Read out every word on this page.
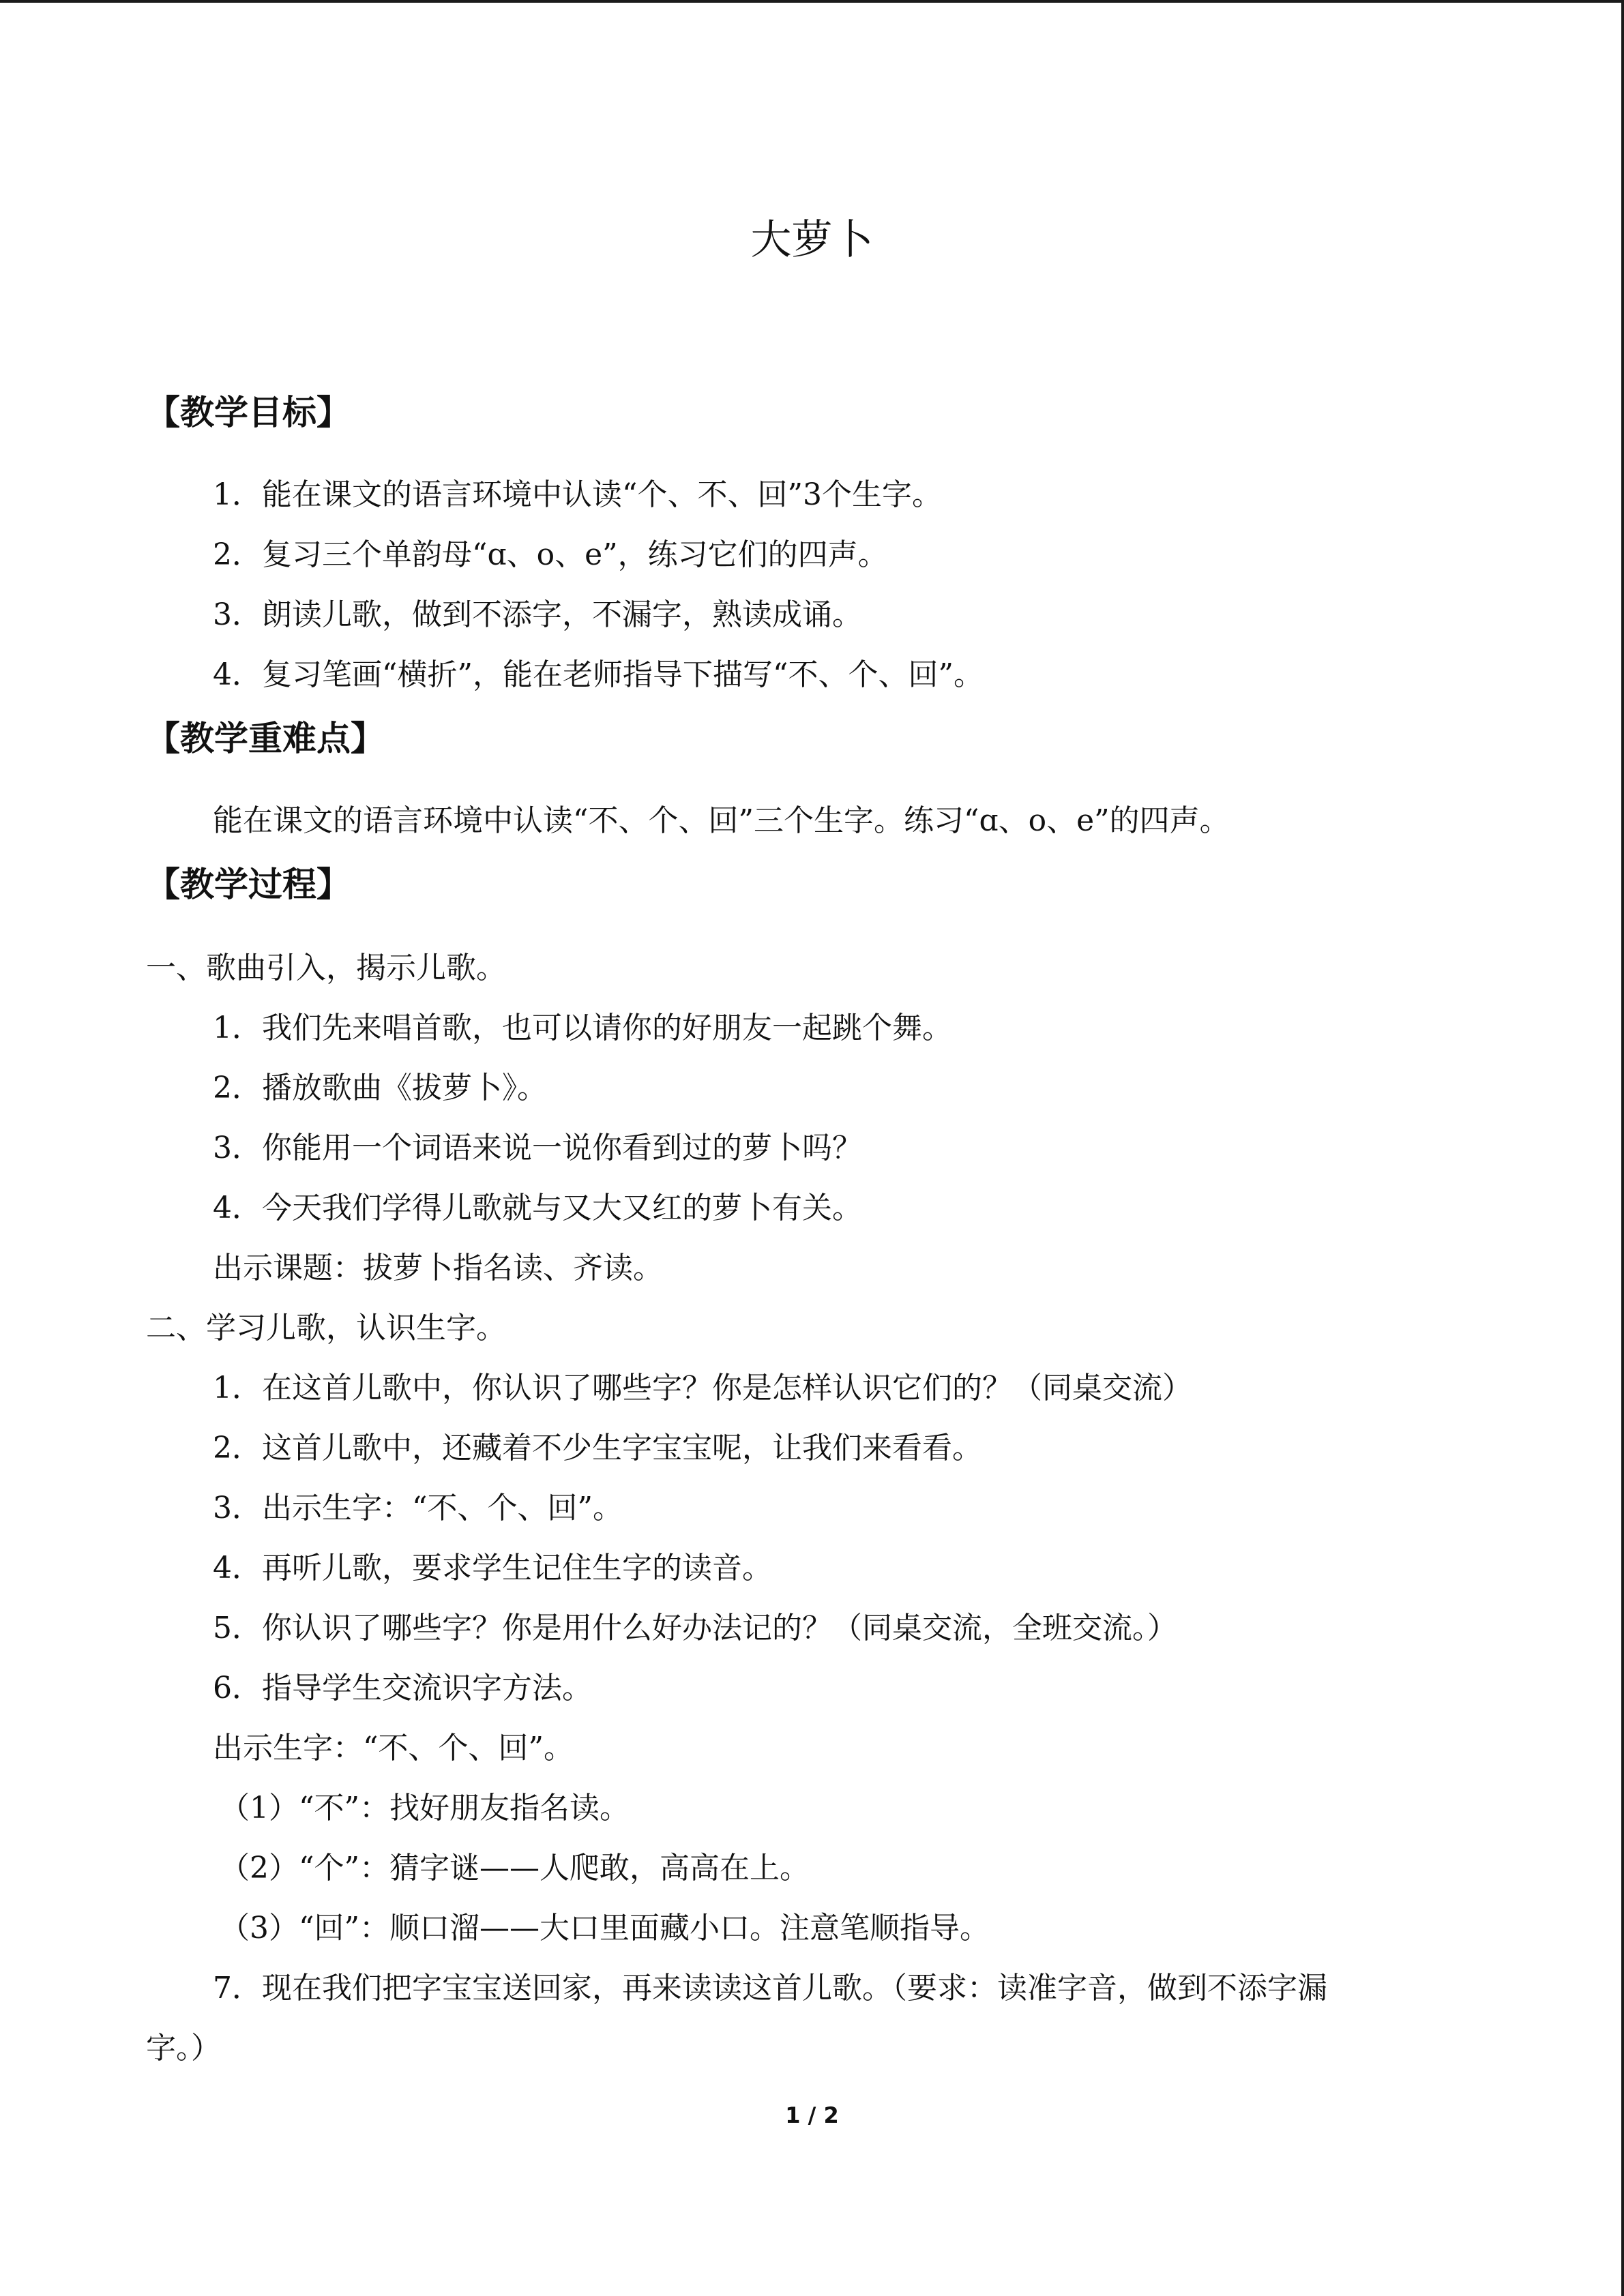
大萝卜
【教学目标】
1．能在课文的语言环境中认读“个、不、回”3个生字。
2．复习三个单韵母“ɑ、o、e”，练习它们的四声。
3．朗读儿歌，做到不添字，不漏字，熟读成诵。
4．复习笔画“横折”，能在老师指导下描写“不、个、回”。
【教学重难点】
能在课文的语言环境中认读“不、个、回”三个生字。练习“ɑ、o、e”的四声。
【教学过程】
一、歌曲引入，揭示儿歌。
1．我们先来唱首歌，也可以请你的好朋友一起跳个舞。
2．播放歌曲《拔萝卜》。
3．你能用一个词语来说一说你看到过的萝卜吗？
4．今天我们学得儿歌就与又大又红的萝卜有关。
出示课题：拔萝卜指名读、齐读。
二、学习儿歌，认识生字。
1．在这首儿歌中，你认识了哪些字？你是怎样认识它们的？（同桌交流）
2．这首儿歌中，还藏着不少生字宝宝呢，让我们来看看。
3．出示生字：“不、个、回”。
4．再听儿歌，要求学生记住生字的读音。
5．你认识了哪些字？你是用什么好办法记的？（同桌交流，全班交流。）
6．指导学生交流识字方法。
出示生字：“不、个、回”。
（1）“不”：找好朋友指名读。
（2）“个”：猜字谜——人爬敢，高高在上。
（3）“回”：顺口溜——大口里面藏小口。注意笔顺指导。
7．现在我们把字宝宝送回家，再来读读这首儿歌。（要求：读准字音，做到不添字漏
字。）
1 / 2
